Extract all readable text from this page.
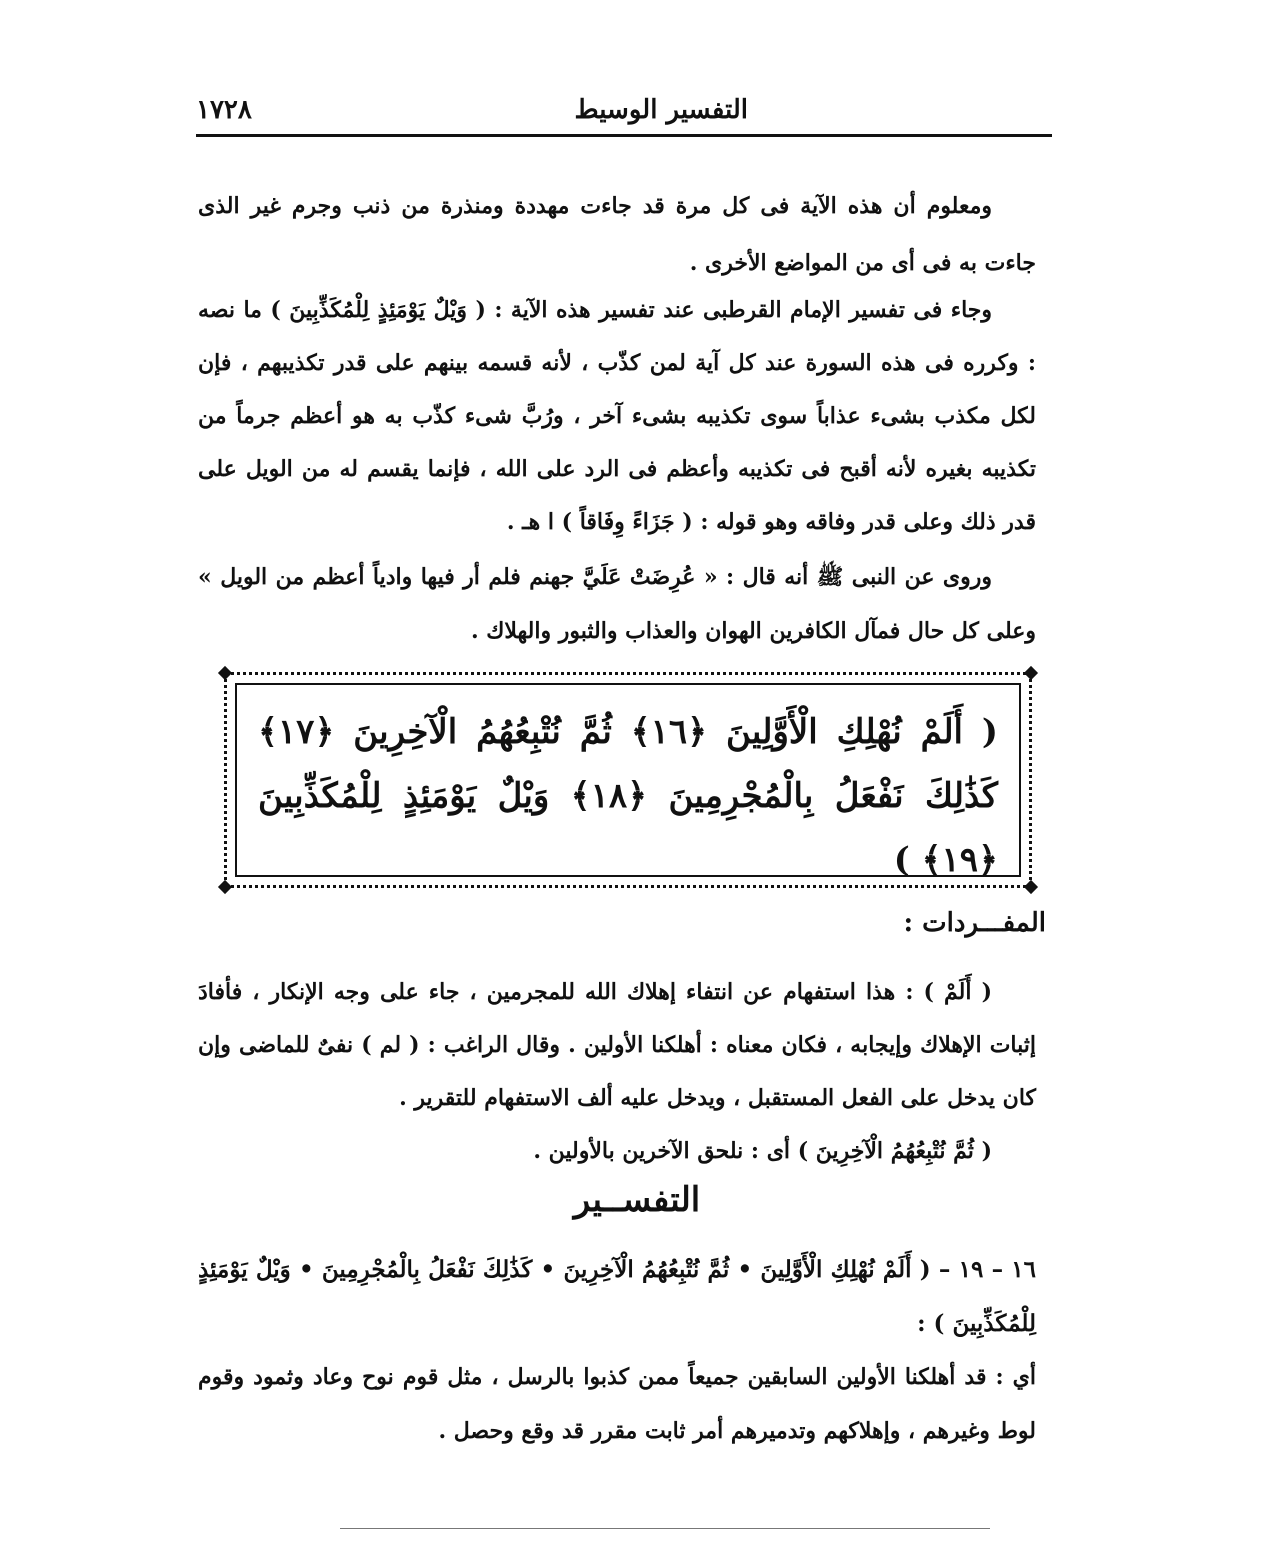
١٧٢٨	التفسير الوسيط

ومعلوم أن هذه الآية فى كل مرة قد جاءت مهددة ومنذرة من ذنب وجرم غير الذى جاءت به فى أى من المواضع الأخرى .

وجاء فى تفسير الإمام القرطبى عند تفسير هذه الآية : ( وَيْلٌ يَوْمَئِذٍ لِلْمُكَذِّبِينَ ) ما نصه : وكرره فى هذه السورة عند كل آية لمن كذّب ، لأنه قسمه بينهم على قدر تكذيبهم ، فإن لكل مكذب بشىء عذاباً سوى تكذيبه بشىء آخر ، ورُبَّ شىء كذّب به هو أعظم جرماً من تكذيبه بغيره لأنه أقبح فى تكذيبه وأعظم فى الرد على الله ، فإنما يقسم له من الويل على قدر ذلك وعلى قدر وفاقه وهو قوله : ( جَزَاءً وِفَاقاً ) ا هـ .

وروى عن النبى ﷺ أنه قال : « عُرِضَتْ عَلَيَّ جهنم فلم أر فيها وادياً أعظم من الويل » وعلى كل حال فمآل الكافرين الهوان والعذاب والثبور والهلاك .

( أَلَمْ نُهْلِكِ الْأَوَّلِينَ ﴿١٦﴾ ثُمَّ نُتْبِعُهُمُ الْآخِرِينَ ﴿١٧﴾ كَذَٰلِكَ نَفْعَلُ بِالْمُجْرِمِينَ ﴿١٨﴾ وَيْلٌ يَوْمَئِذٍ لِلْمُكَذِّبِينَ ﴿١٩﴾ )
المفـــردات :

( أَلَمْ ) : هذا استفهام عن انتفاء إهلاك الله للمجرمين ، جاء على وجه الإنكار ، فأفادَ إثبات الإهلاك وإيجابه ، فكان معناه : أهلكنا الأولين . وقال الراغب : ( لم ) نفىٌ للماضى وإن كان يدخل على الفعل المستقبل ، ويدخل عليه ألف الاستفهام للتقرير .

( ثُمَّ نُتْبِعُهُمُ الْآخِرِينَ ) أى : نلحق الآخرين بالأولين .

التفســير

١٦ – ١٩ – ( أَلَمْ نُهْلِكِ الْأَوَّلِينَ • ثُمَّ نُتْبِعُهُمُ الْآخِرِينَ • كَذَٰلِكَ نَفْعَلُ بِالْمُجْرِمِينَ • وَيْلٌ يَوْمَئِذٍ لِلْمُكَذِّبِينَ ) :

أي : قد أهلكنا الأولين السابقين جميعاً ممن كذبوا بالرسل ، مثل قوم نوح وعاد وثمود وقوم لوط وغيرهم ، وإهلاكهم وتدميرهم أمر ثابت مقرر قد وقع وحصل .
